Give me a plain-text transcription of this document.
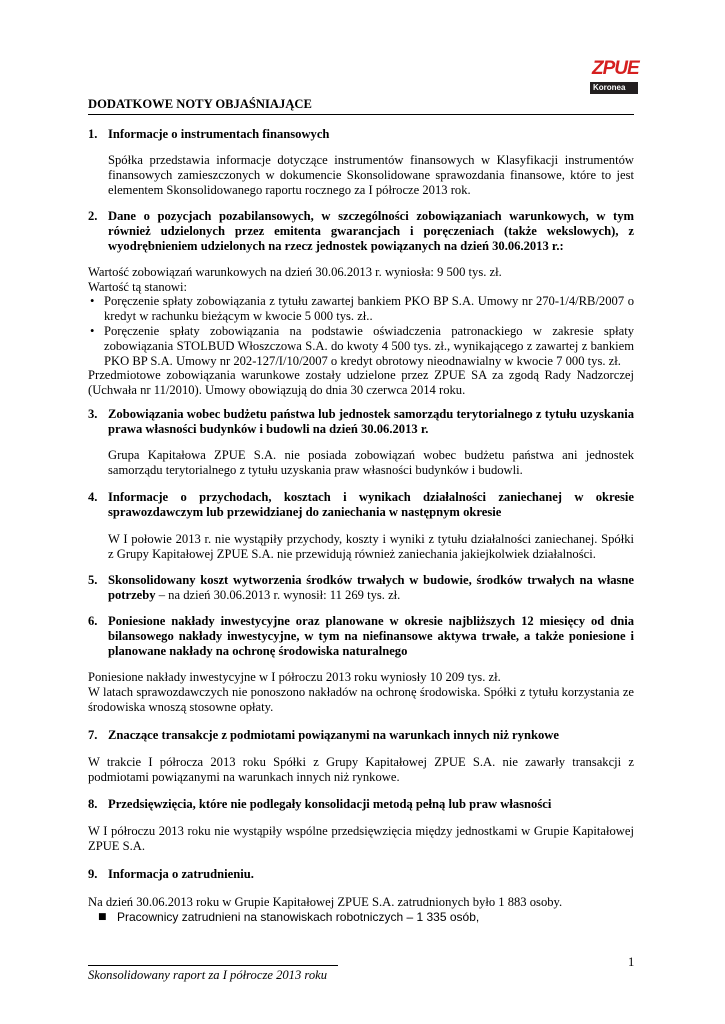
ZPUE
Koronea
DODATKOWE NOTY OBJAŚNIAJĄCE
1. Informacje o instrumentach finansowych
Spółka przedstawia informacje dotyczące instrumentów finansowych w Klasyfikacji instrumentów finansowych zamieszczonych w dokumencie Skonsolidowane sprawozdania finansowe, które to jest elementem Skonsolidowanego raportu rocznego za I półrocze 2013 rok.
2. Dane o pozycjach pozabilansowych, w szczególności zobowiązaniach warunkowych, w tym również udzielonych przez emitenta gwarancjach i poręczeniach (także wekslowych), z wyodrębnieniem udzielonych na rzecz jednostek powiązanych na dzień 30.06.2013 r.:
Wartość zobowiązań warunkowych na dzień 30.06.2013 r. wyniosła: 9 500 tys. zł.
Wartość tą stanowi:
• Poręczenie spłaty zobowiązania z tytułu zawartej bankiem PKO BP S.A. Umowy nr 270-1/4/RB/2007 o kredyt w rachunku bieżącym w kwocie 5 000 tys. zł..
• Poręczenie spłaty zobowiązania na podstawie oświadczenia patronackiego w zakresie spłaty zobowiązania STOLBUD Włoszczowa S.A. do kwoty 4 500 tys. zł., wynikającego z zawartej z bankiem PKO BP S.A. Umowy nr 202-127/I/10/2007 o kredyt obrotowy nieodnawialny w kwocie 7 000 tys. zł.
Przedmiotowe zobowiązania warunkowe zostały udzielone przez ZPUE SA za zgodą Rady Nadzorczej (Uchwała nr 11/2010). Umowy obowiązują do dnia 30 czerwca 2014 roku.
3. Zobowiązania wobec budżetu państwa lub jednostek samorządu terytorialnego z tytułu uzyskania prawa własności budynków i budowli na dzień 30.06.2013 r.
Grupa Kapitałowa ZPUE S.A. nie posiada zobowiązań wobec budżetu państwa ani jednostek samorządu terytorialnego z tytułu uzyskania praw własności budynków i budowli.
4. Informacje o przychodach, kosztach i wynikach działalności zaniechanej w okresie sprawozdawczym lub przewidzianej do zaniechania w następnym okresie
W I połowie 2013 r. nie wystąpiły przychody, koszty i wyniki z tytułu działalności zaniechanej. Spółki z Grupy Kapitałowej ZPUE S.A. nie przewidują również zaniechania jakiejkolwiek działalności.
5. Skonsolidowany koszt wytworzenia środków trwałych w budowie, środków trwałych na własne potrzeby – na dzień 30.06.2013 r. wynosił: 11 269 tys. zł.
6. Poniesione nakłady inwestycyjne oraz planowane w okresie najbliższych 12 miesięcy od dnia bilansowego nakłady inwestycyjne, w tym na niefinansowe aktywa trwałe, a także poniesione i planowane nakłady na ochronę środowiska naturalnego
Poniesione nakłady inwestycyjne w I półroczu 2013 roku wyniosły 10 209 tys. zł.
W latach sprawozdawczych nie ponoszono nakładów na ochronę środowiska. Spółki z tytułu korzystania ze środowiska wnoszą stosowne opłaty.
7. Znaczące transakcje z podmiotami powiązanymi na warunkach innych niż rynkowe
W trakcie I półrocza 2013 roku Spółki z Grupy Kapitałowej ZPUE S.A. nie zawarły transakcji z podmiotami powiązanymi na warunkach innych niż rynkowe.
8. Przedsięwzięcia, które nie podlegały konsolidacji metodą pełną lub praw własności
W I półroczu 2013 roku nie wystąpiły wspólne przedsięwzięcia między jednostkami w Grupie Kapitałowej ZPUE S.A.
9. Informacja o zatrudnieniu.
Na dzień 30.06.2013 roku w Grupie Kapitałowej ZPUE S.A. zatrudnionych było 1 883 osoby.
■ Pracownicy zatrudnieni na stanowiskach robotniczych – 1 335 osób,
1
Skonsolidowany raport za I półrocze 2013 roku
